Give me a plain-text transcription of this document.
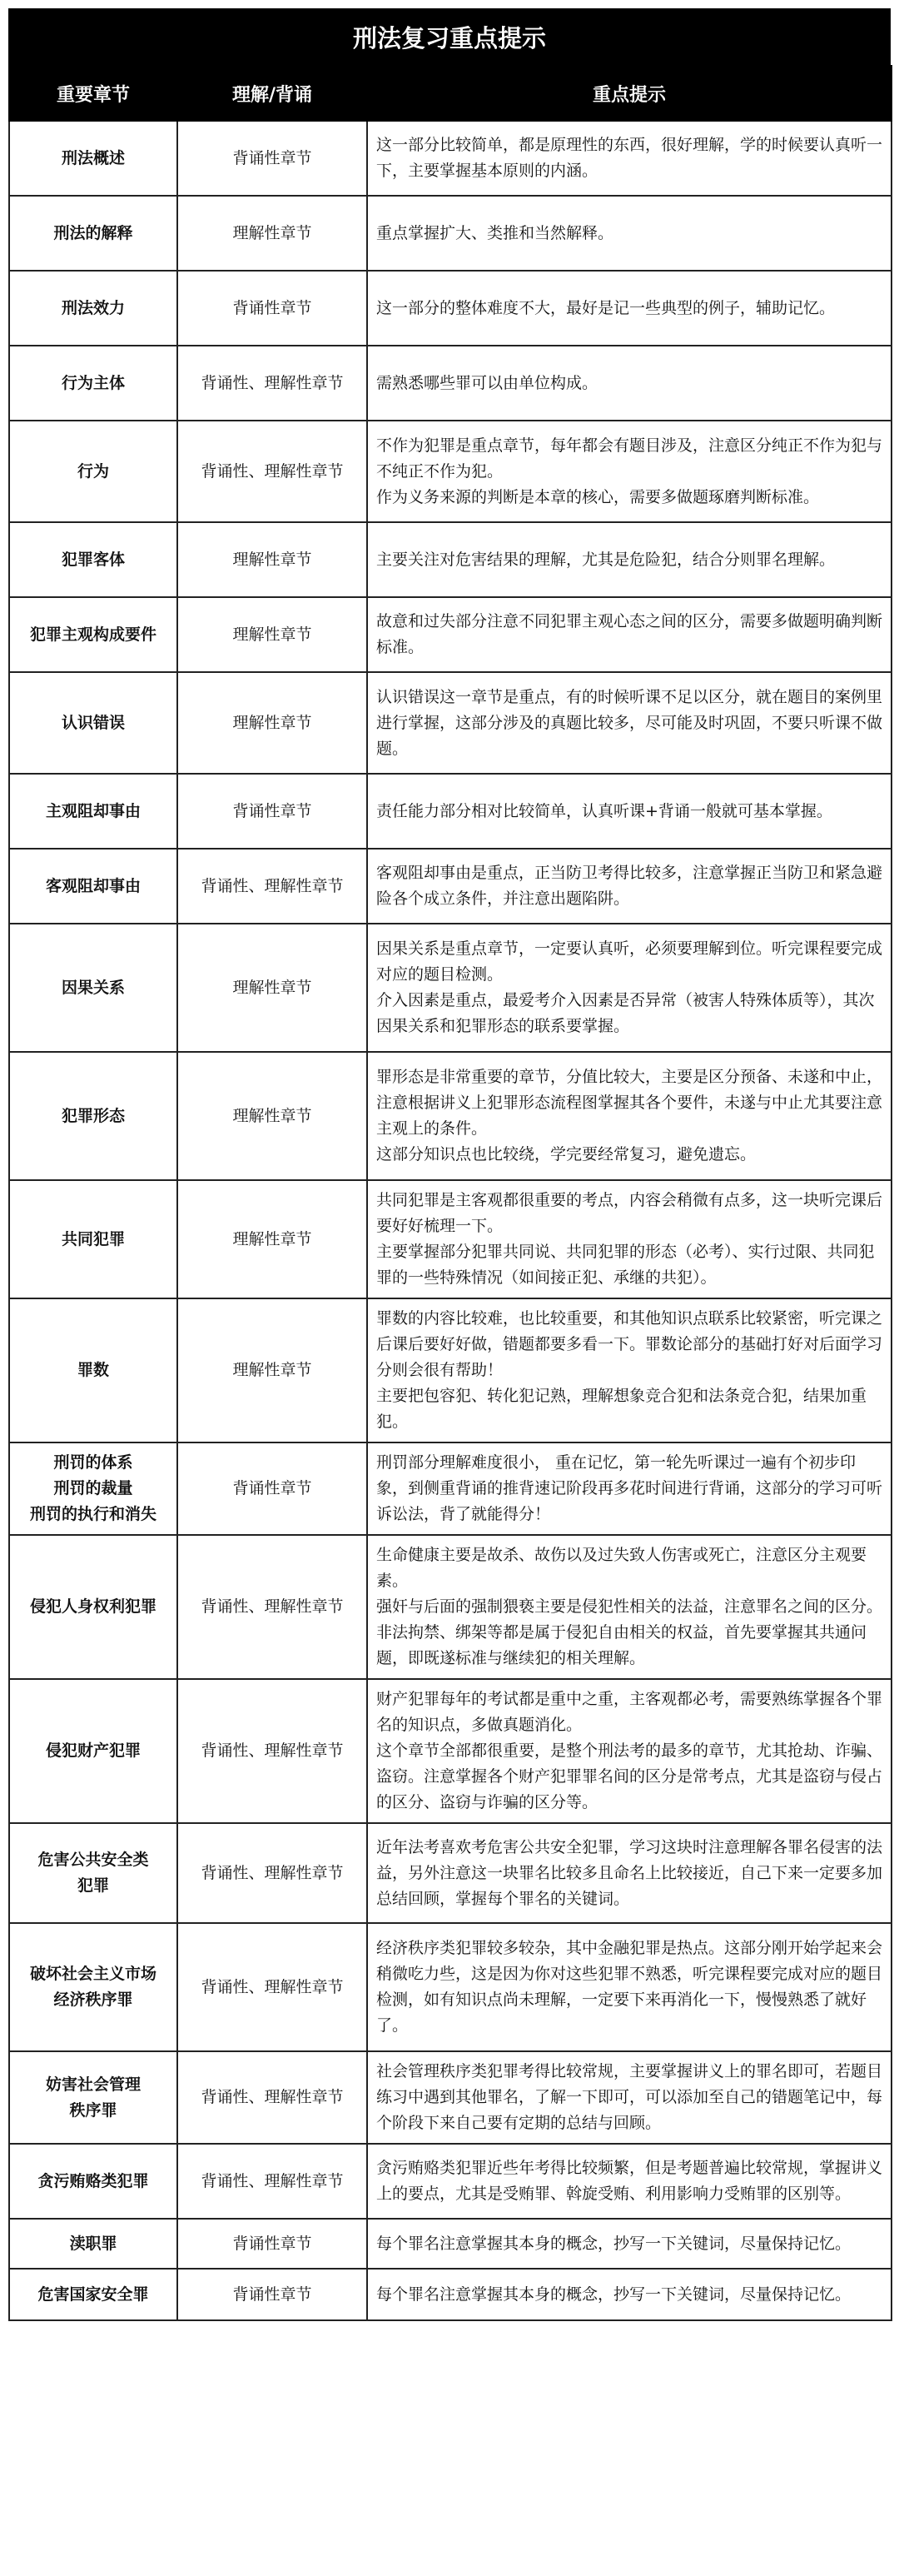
刑法复习重点提示
重要章节	理解/背诵	重点提示

刑法概述	背诵性章节	这一部分比较简单，都是原理性的东西，很好理解，学的时候要认真听一下，主要掌握基本原则的内涵。

刑法的解释	理解性章节	重点掌握扩大、类推和当然解释。

刑法效力	背诵性章节	这一部分的整体难度不大，最好是记一些典型的例子，辅助记忆。

行为主体	背诵性、理解性章节	需熟悉哪些罪可以由单位构成。

行为	背诵性、理解性章节	不作为犯罪是重点章节，每年都会有题目涉及，注意区分纯正不作为犯与不纯正不作为犯。
作为义务来源的判断是本章的核心，需要多做题琢磨判断标准。

犯罪客体	理解性章节	主要关注对危害结果的理解，尤其是危险犯，结合分则罪名理解。

犯罪主观构成要件	理解性章节	故意和过失部分注意不同犯罪主观心态之间的区分，需要多做题明确判断标准。

认识错误	理解性章节	认识错误这一章节是重点，有的时候听课不足以区分，就在题目的案例里进行掌握，这部分涉及的真题比较多，尽可能及时巩固，不要只听课不做题。

主观阻却事由	背诵性章节	责任能力部分相对比较简单，认真听课+背诵一般就可基本掌握。

客观阻却事由	背诵性、理解性章节	客观阻却事由是重点，正当防卫考得比较多，注意掌握正当防卫和紧急避险各个成立条件，并注意出题陷阱。

因果关系	理解性章节	因果关系是重点章节，一定要认真听，必须要理解到位。听完课程要完成对应的题目检测。
介入因素是重点，最爱考介入因素是否异常（被害人特殊体质等），其次因果关系和犯罪形态的联系要掌握。

犯罪形态	理解性章节	罪形态是非常重要的章节，分值比较大，主要是区分预备、未遂和中止，注意根据讲义上犯罪形态流程图掌握其各个要件，未遂与中止尤其要注意主观上的条件。
这部分知识点也比较绕，学完要经常复习，避免遗忘。

共同犯罪	理解性章节	共同犯罪是主客观都很重要的考点，内容会稍微有点多，这一块听完课后要好好梳理一下。
主要掌握部分犯罪共同说、共同犯罪的形态（必考）、实行过限、共同犯罪的一些特殊情况（如间接正犯、承继的共犯）。

罪数	理解性章节	罪数的内容比较难，也比较重要，和其他知识点联系比较紧密，听完课之后课后要好好做，错题都要多看一下。罪数论部分的基础打好对后面学习分则会很有帮助！
主要把包容犯、转化犯记熟，理解想象竞合犯和法条竞合犯，结果加重犯。

刑罚的体系
刑罚的裁量
刑罚的执行和消失	背诵性章节	刑罚部分理解难度很小， 重在记忆，第一轮先听课过一遍有个初步印象，到侧重背诵的推背速记阶段再多花时间进行背诵，这部分的学习可听诉讼法，背了就能得分！

侵犯人身权利犯罪	背诵性、理解性章节	生命健康主要是故杀、故伤以及过失致人伤害或死亡，注意区分主观要素。
强奸与后面的强制猥亵主要是侵犯性相关的法益，注意罪名之间的区分。
非法拘禁、绑架等都是属于侵犯自由相关的权益，首先要掌握其共通问题，即既遂标准与继续犯的相关理解。

侵犯财产犯罪	背诵性、理解性章节	财产犯罪每年的考试都是重中之重，主客观都必考，需要熟练掌握各个罪名的知识点，多做真题消化。
这个章节全部都很重要，是整个刑法考的最多的章节，尤其抢劫、诈骗、盗窃。注意掌握各个财产犯罪罪名间的区分是常考点，尤其是盗窃与侵占的区分、盗窃与诈骗的区分等。

危害公共安全类
犯罪	背诵性、理解性章节	近年法考喜欢考危害公共安全犯罪，学习这块时注意理解各罪名侵害的法益，另外注意这一块罪名比较多且命名上比较接近，自己下来一定要多加总结回顾，掌握每个罪名的关键词。

破坏社会主义市场
经济秩序罪	背诵性、理解性章节	经济秩序类犯罪较多较杂，其中金融犯罪是热点。这部分刚开始学起来会稍微吃力些，这是因为你对这些犯罪不熟悉，听完课程要完成对应的题目检测，如有知识点尚未理解，一定要下来再消化一下，慢慢熟悉了就好了。

妨害社会管理
秩序罪	背诵性、理解性章节	社会管理秩序类犯罪考得比较常规，主要掌握讲义上的罪名即可，若题目练习中遇到其他罪名，了解一下即可，可以添加至自己的错题笔记中，每个阶段下来自己要有定期的总结与回顾。

贪污贿赂类犯罪	背诵性、理解性章节	贪污贿赂类犯罪近些年考得比较频繁，但是考题普遍比较常规，掌握讲义上的要点，尤其是受贿罪、斡旋受贿、利用影响力受贿罪的区别等。

渎职罪	背诵性章节	每个罪名注意掌握其本身的概念，抄写一下关键词，尽量保持记忆。

危害国家安全罪	背诵性章节	每个罪名注意掌握其本身的概念，抄写一下关键词，尽量保持记忆。
